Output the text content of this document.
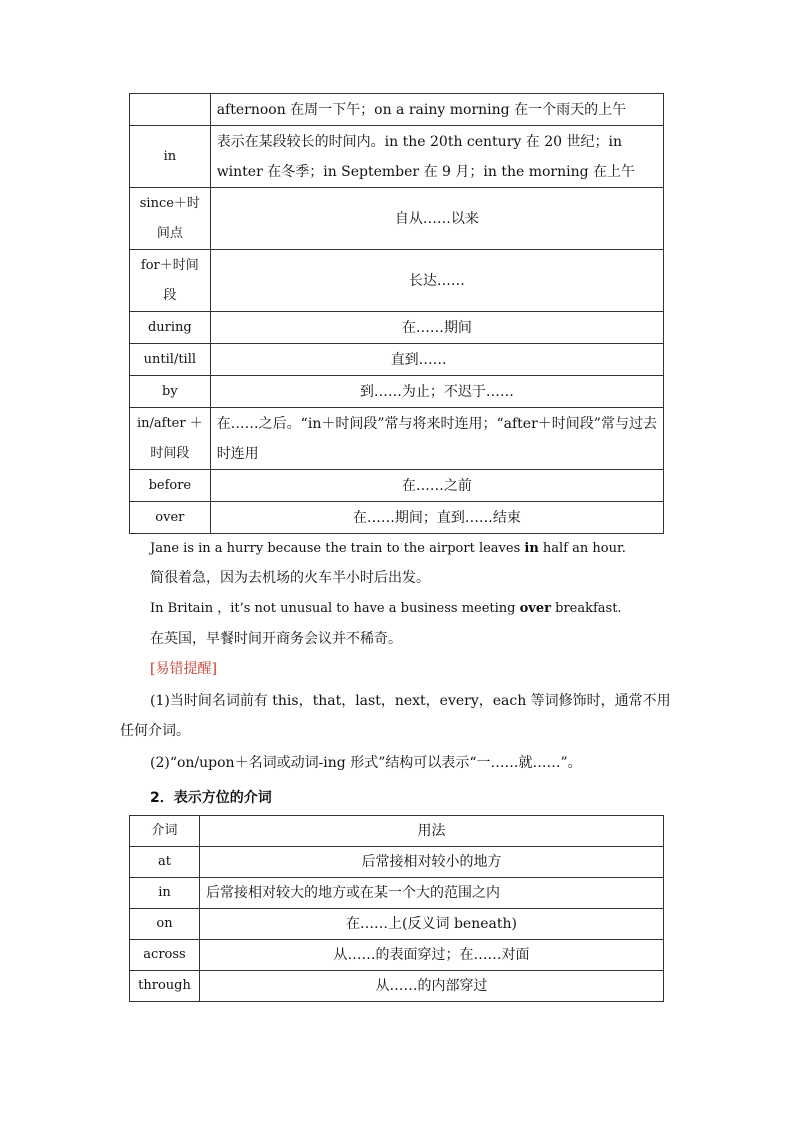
	afternoon 在周一下午；on a rainy morning 在一个雨天的上午
in	表示在某段较长的时间内。in the 20th century 在 20 世纪；in winter 在冬季；in September 在 9 月；in the morning 在上午
since＋时间点	自从……以来
for＋时间段	长达……
during	在……期间
until/till	直到……
by	到……为止；不迟于……
in/after ＋时间段	在……之后。“in＋时间段”常与将来时连用；“after＋时间段”常与过去时连用
before	在……之前
over	在……期间；直到……结束
Jane is in a hurry because the train to the airport leaves in half an hour.
简很着急，因为去机场的火车半小时后出发。
In Britain ，it’s not unusual to have a business meeting over breakfast.
在英国，早餐时间开商务会议并不稀奇。
[易错提醒]
(1)当时间名词前有 this，that，last，next，every，each 等词修饰时，通常不用任何介词。
(2)“on/upon＋名词或动词-ing 形式”结构可以表示“一……就……”。
2．表示方位的介词
介词	用法
at	后常接相对较小的地方
in	后常接相对较大的地方或在某一个大的范围之内
on	在……上(反义词 beneath)
across	从……的表面穿过；在……对面
through	从……的内部穿过
